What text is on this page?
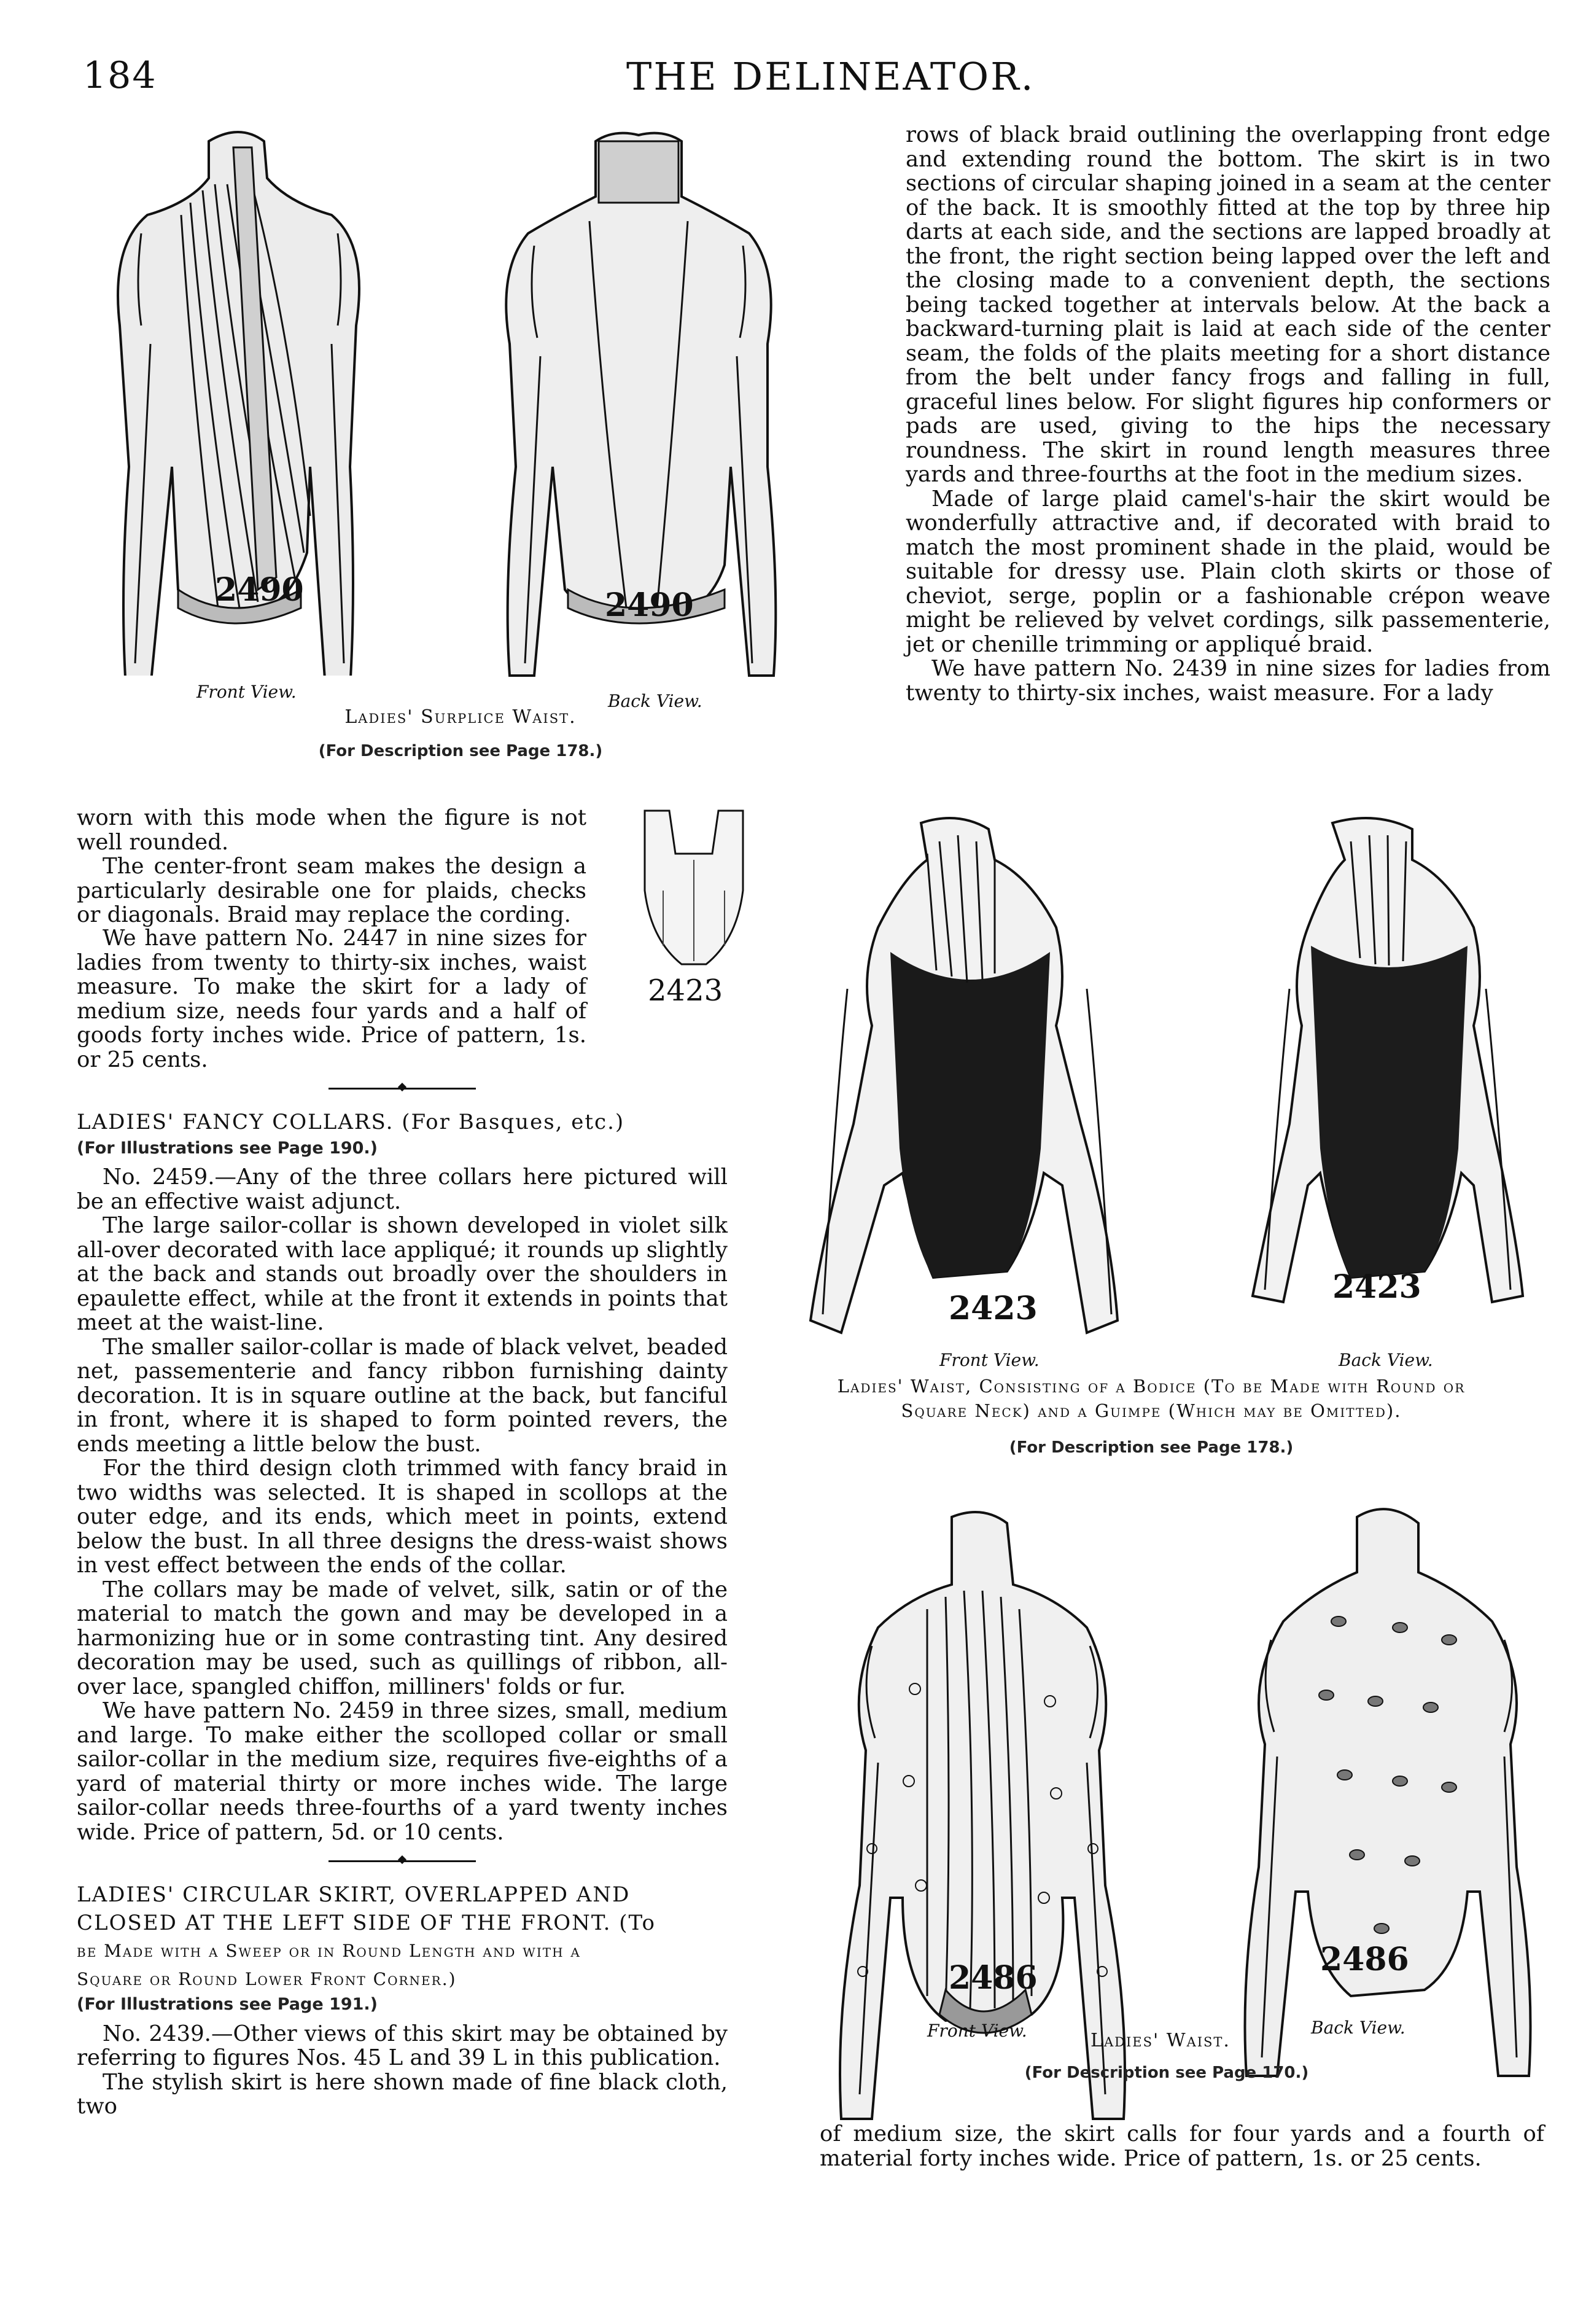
184	THE DELINEATOR.
2490
Front View.
2490
Back View.
Ladies' Surplice Waist.
(For Description see Page 178.)

rows of black braid outlining the overlapping front edge and extending round the bottom. The skirt is in two sections of circular shaping joined in a seam at the center of the back. It is smoothly fitted at the top by three hip darts at each side, and the sections are lapped broadly at the front, the right section being lapped over the left and the closing made to a convenient depth, the sections being tacked together at intervals below. At the back a backward-turning plait is laid at each side of the center seam, the folds of the plaits meeting for a short distance from the belt under fancy frogs and falling in full, graceful lines below. For slight figures hip conformers or pads are used, giving to the hips the necessary roundness. The skirt in round length measures three yards and three-fourths at the foot in the medium sizes.

Made of large plaid camel's-hair the skirt would be wonderfully attractive and, if decorated with braid to match the most prominent shade in the plaid, would be suitable for dressy use. Plain cloth skirts or those of cheviot, serge, poplin or a fashionable crépon weave might be relieved by velvet cordings, silk passementerie, jet or chenille trimming or appliqué braid.

We have pattern No. 2439 in nine sizes for ladies from twenty to thirty-six inches, waist measure. For a lady

worn with this mode when the figure is not well rounded.

The center-front seam makes the design a particularly desirable one for plaids, checks or diagonals. Braid may replace the cording.

We have pattern No. 2447 in nine sizes for ladies from twenty to thirty-six inches, waist measure. To make the skirt for a lady of medium size, needs four yards and a half of goods forty inches wide. Price of pattern, 1s. or 25 cents.

LADIES' FANCY COLLARS. (For Basques, etc.)

(For Illustrations see Page 190.)

No. 2459.—Any of the three collars here pictured will be an effective waist adjunct.

The large sailor-collar is shown developed in violet silk all-over decorated with lace appliqué; it rounds up slightly at the back and stands out broadly over the shoulders in epaulette effect, while at the front it extends in points that meet at the waist-line.

The smaller sailor-collar is made of black velvet, beaded net, passementerie and fancy ribbon furnishing dainty decoration. It is in square outline at the back, but fanciful in front, where it is shaped to form pointed revers, the ends meeting a little below the bust.

For the third design cloth trimmed with fancy braid in two widths was selected. It is shaped in scollops at the outer edge, and its ends, which meet in points, extend below the bust. In all three designs the dress-waist shows in vest effect between the ends of the collar.

The collars may be made of velvet, silk, satin or of the material to match the gown and may be developed in a harmonizing hue or in some contrasting tint. Any desired decoration may be used, such as quillings of ribbon, all-over lace, spangled chiffon, milliners' folds or fur.

We have pattern No. 2459 in three sizes, small, medium and large. To make either the scolloped collar or small sailor-collar in the medium size, requires five-eighths of a yard of material thirty or more inches wide. The large sailor-collar needs three-fourths of a yard twenty inches wide. Price of pattern, 5d. or 10 cents.

LADIES' CIRCULAR SKIRT, OVERLAPPED AND

CLOSED AT THE LEFT SIDE OF THE FRONT. (To

be Made with a Sweep or in Round Length and with a

Square or Round Lower Front Corner.)

(For Illustrations see Page 191.)

No. 2439.—Other views of this skirt may be obtained by referring to figures Nos. 45 L and 39 L in this publication.

The stylish skirt is here shown made of fine black cloth, two

2423
2423
Front View.
2423
Back View.
Ladies' Waist, Consisting of a Bodice (To be Made with Round or
Square Neck) and a Guimpe (Which may be Omitted).
(For Description see Page 178.)
2486
Front View.
2486
Back View.
Ladies' Waist.
(For Description see Page 170.)

of medium size, the skirt calls for four yards and a fourth of material forty inches wide. Price of pattern, 1s. or 25 cents.
